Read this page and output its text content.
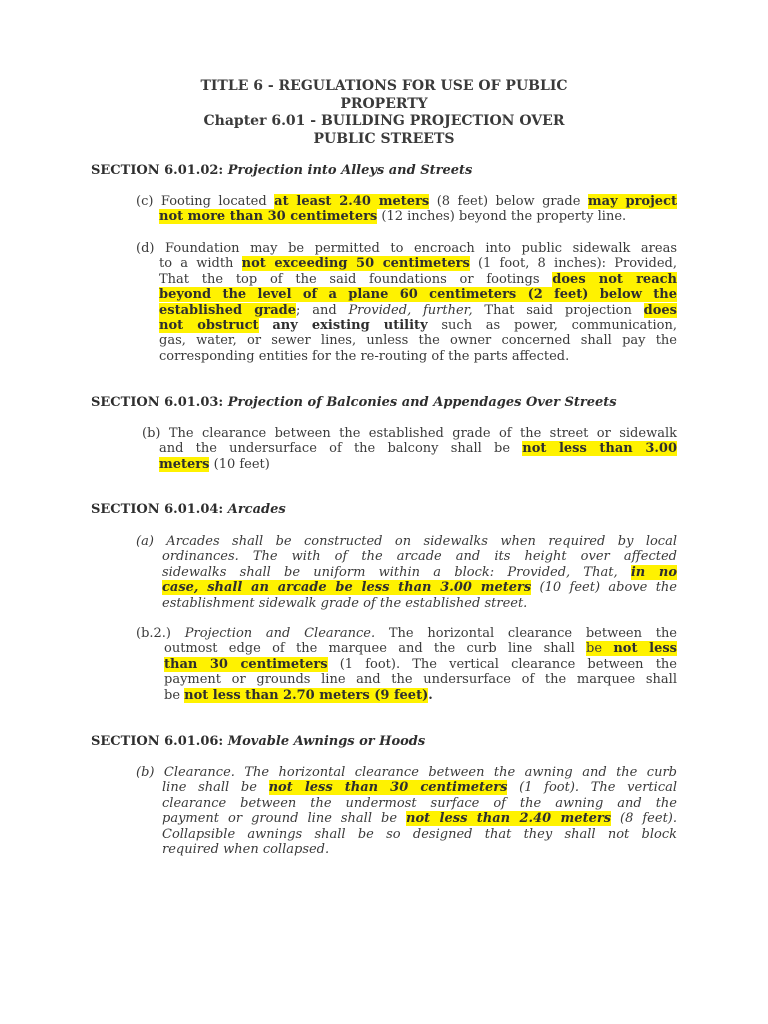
TITLE 6 - REGULATIONS FOR USE OF PUBLIC
PROPERTY
Chapter 6.01 - BUILDING PROJECTION OVER
PUBLIC STREETS
SECTION 6.01.02: Projection into Alleys and Streets
(c) Footing located at least 2.40 meters (8 feet) below grade may project
not more than 30 centimeters (12 inches) beyond the property line.
(d) Foundation may be permitted to encroach into public sidewalk areas
to a width not exceeding 50 centimeters (1 foot, 8 inches): Provided,
That the top of the said foundations or footings does not reach
beyond the level of a plane 60 centimeters (2 feet) below the
established grade; and Provided, further, That said projection does
not obstruct any existing utility such as power, communication,
gas, water, or sewer lines, unless the owner concerned shall pay the
corresponding entities for the re-routing of the parts affected.
SECTION 6.01.03: Projection of Balconies and Appendages Over Streets
(b) The clearance between the established grade of the street or sidewalk
and the undersurface of the balcony shall be not less than 3.00
meters (10 feet)
SECTION 6.01.04: Arcades
(a) Arcades shall be constructed on sidewalks when required by local
ordinances. The with of the arcade and its height over affected
sidewalks shall be uniform within a block: Provided, That, in no
case, shall an arcade be less than 3.00 meters (10 feet) above the
establishment sidewalk grade of the established street.
(b.2.) Projection and Clearance. The horizontal clearance between the
outmost edge of the marquee and the curb line shall be not less
than 30 centimeters (1 foot). The vertical clearance between the
payment or grounds line and the undersurface of the marquee shall
be not less than 2.70 meters (9 feet).
SECTION 6.01.06: Movable Awnings or Hoods
(b) Clearance. The horizontal clearance between the awning and the curb
line shall be not less than 30 centimeters (1 foot). The vertical
clearance between the undermost surface of the awning and the
payment or ground line shall be not less than 2.40 meters (8 feet).
Collapsible awnings shall be so designed that they shall not block
required when collapsed.
